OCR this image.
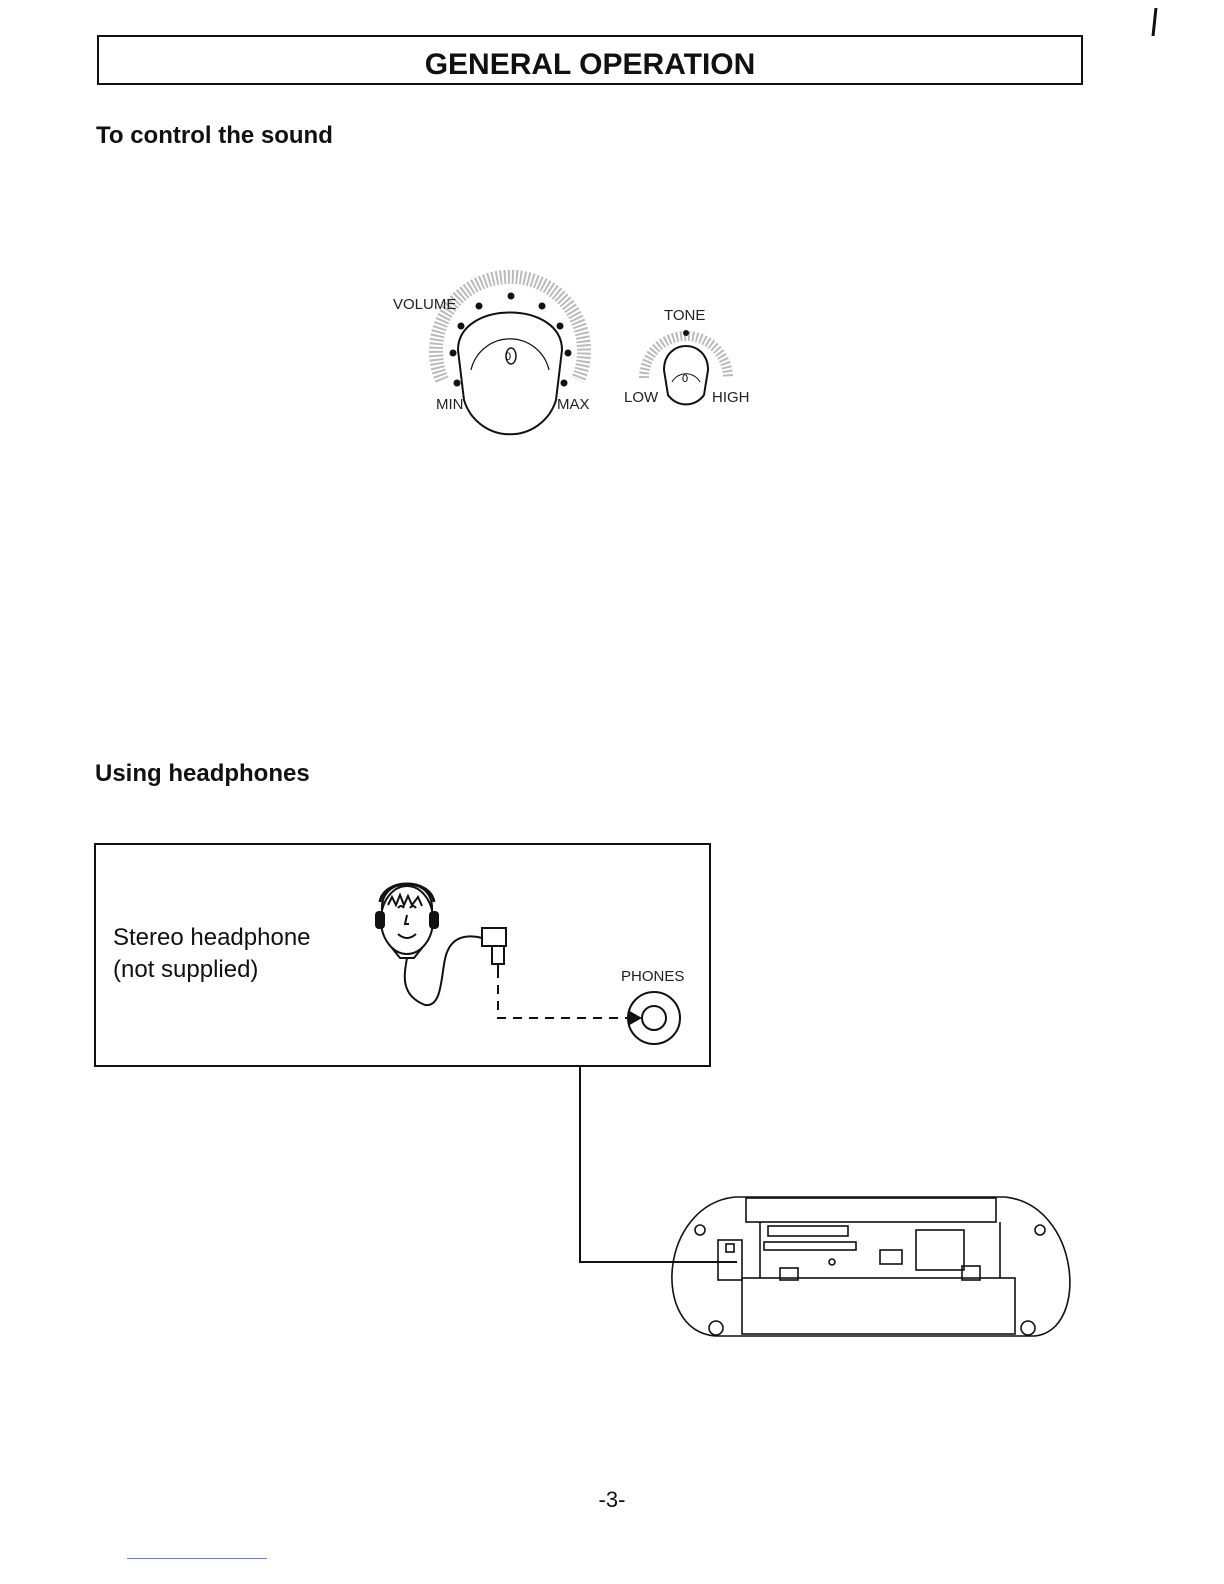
GENERAL OPERATION
To control the sound
0
0
VOLUME
MIN	MAX
TONE
LOW	HIGH
Using headphones
Stereo headphone
(not supplied)	PHONES
-3-
